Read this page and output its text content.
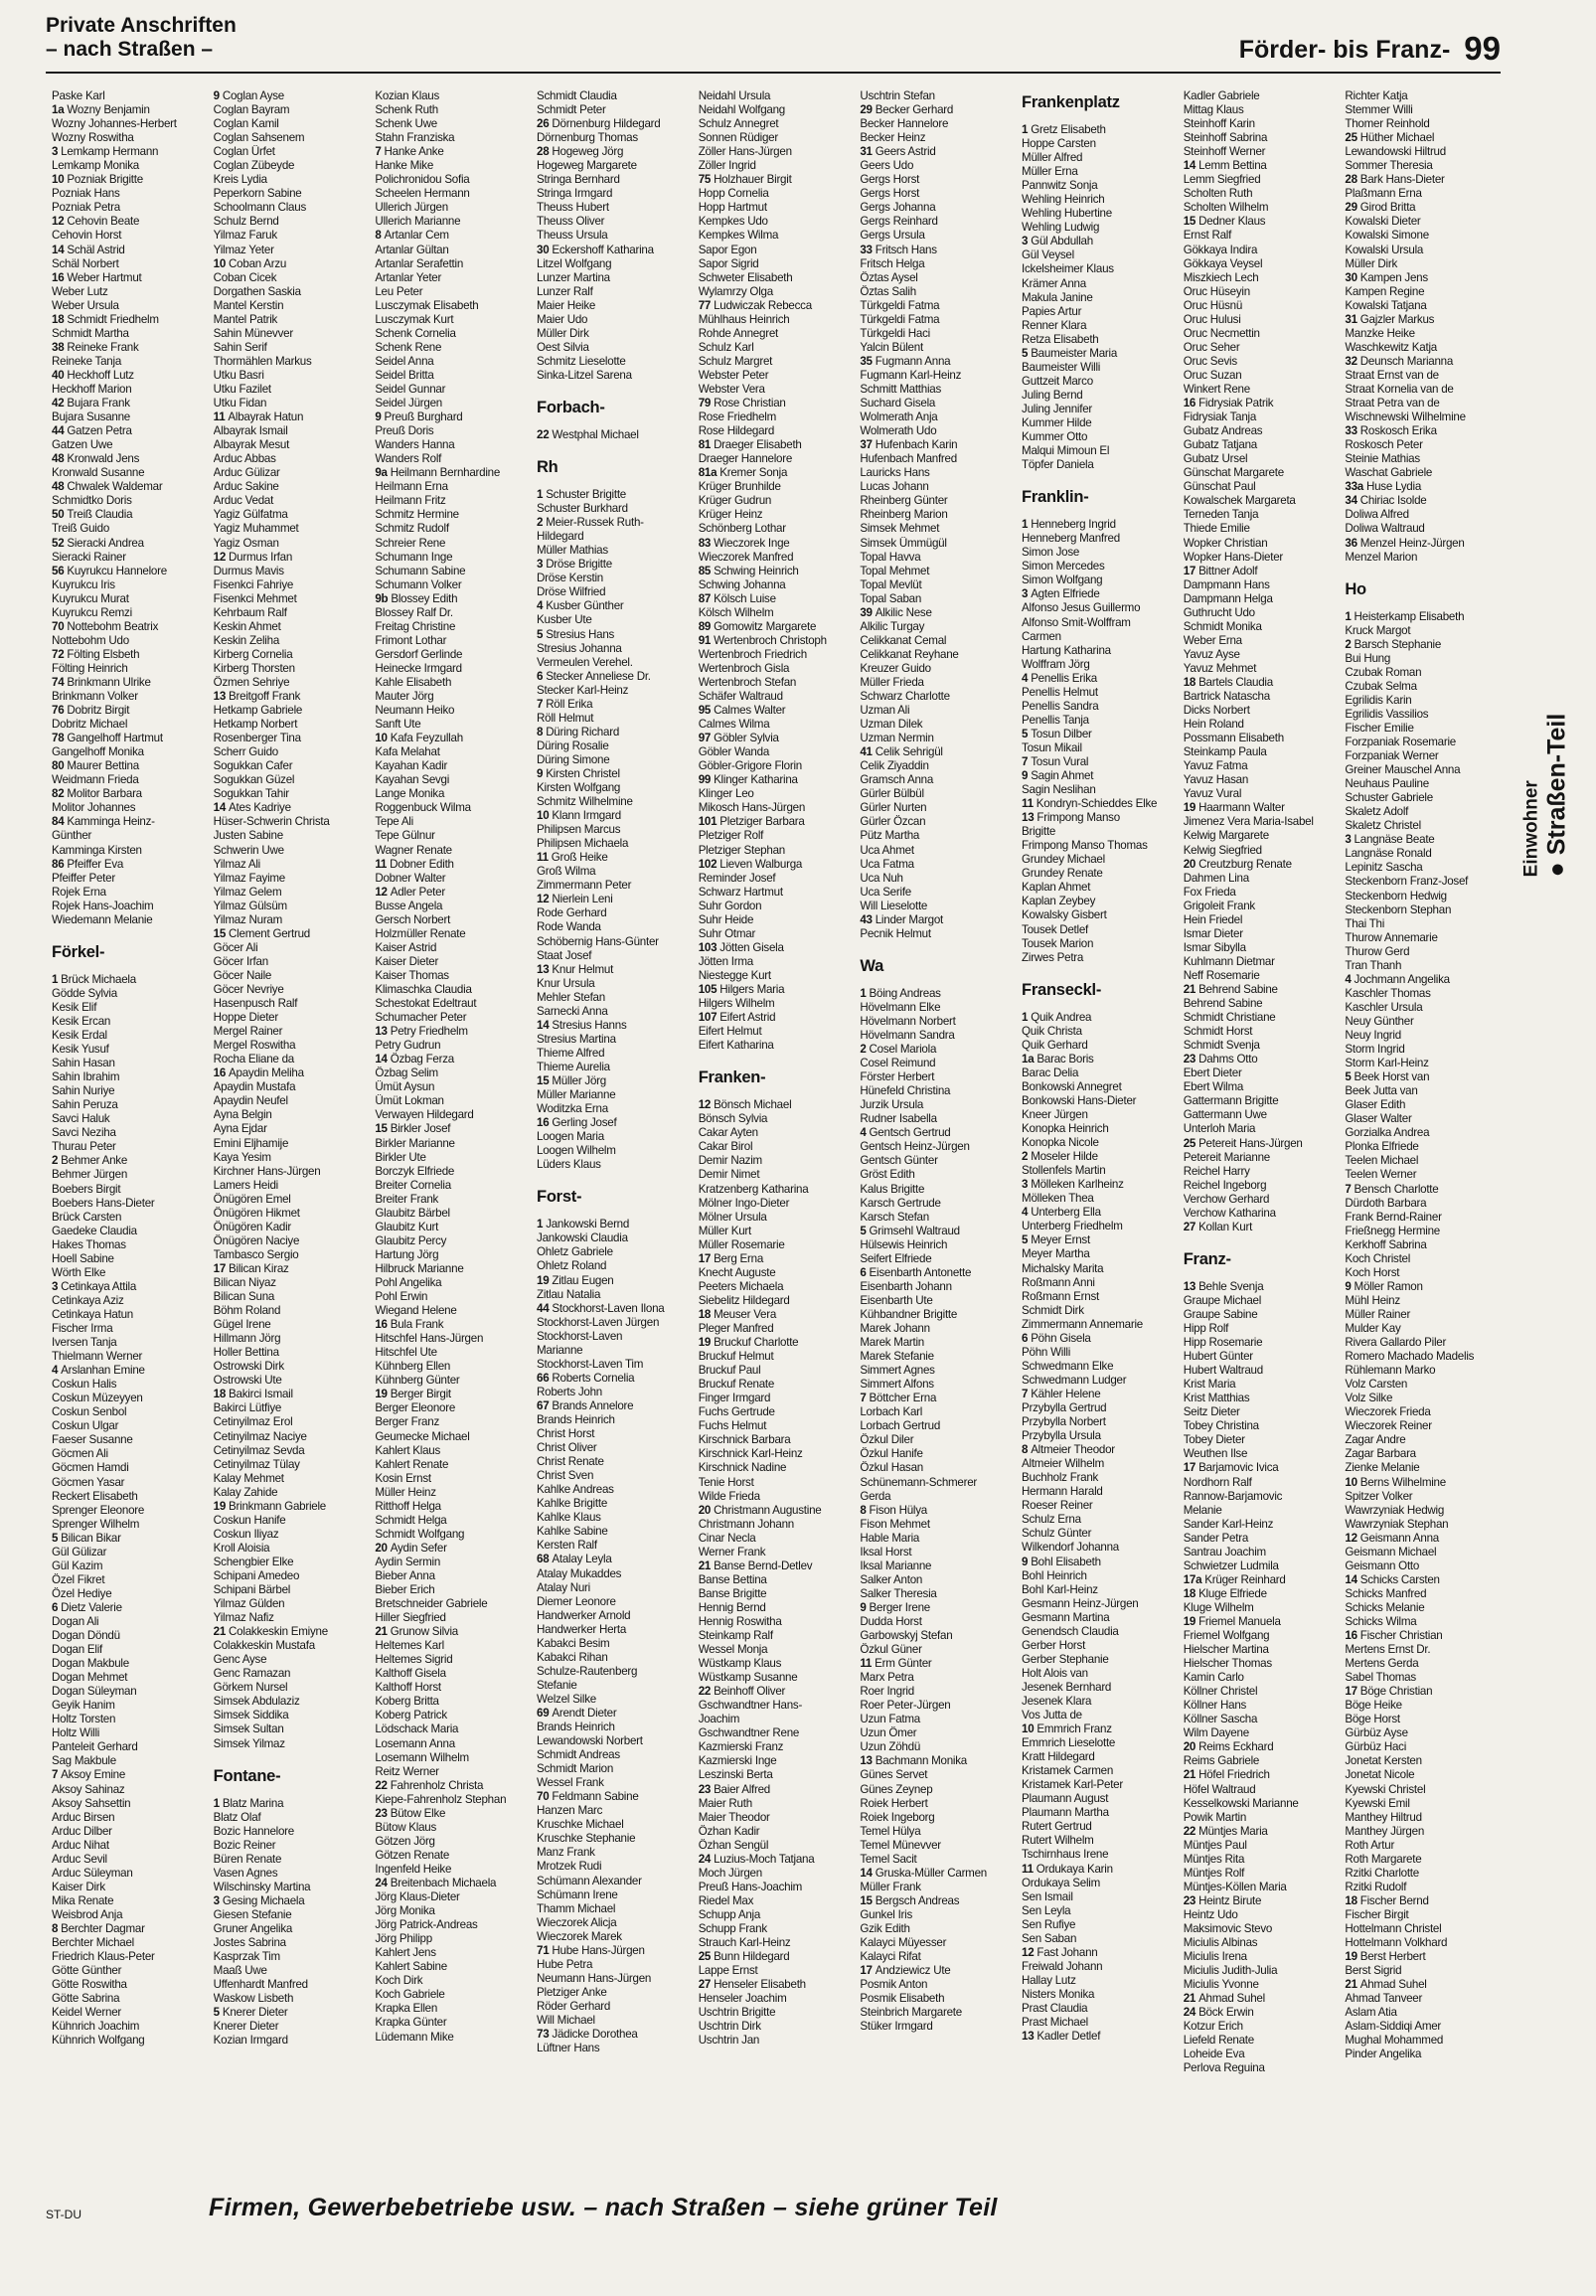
Private Anschriften
– nach Straßen –	Förder- bis Franz- 99
Paske Karl
1a Wozny Benjamin
Wozny Johannes-Herbert
Wozny Roswitha
3 Lemkamp Hermann
Lemkamp Monika
10 Pozniak Brigitte
Pozniak Hans
Pozniak Petra
12 Cehovin Beate
Cehovin Horst
14 Schäl Astrid
Schäl Norbert
16 Weber Hartmut
Weber Lutz
Weber Ursula
18 Schmidt Friedhelm
Schmidt Martha
38 Reineke Frank
Reineke Tanja
40 Heckhoff Lutz
Heckhoff Marion
42 Bujara Frank
Bujara Susanne
44 Gatzen Petra
Gatzen Uwe
48 Kronwald Jens
Kronwald Susanne
48 Chwalek Waldemar
Schmidtko Doris
50 Treiß Claudia
Treiß Guido
52 Sieracki Andrea
Sieracki Rainer
56 Kuyrukcu Hannelore
Kuyrukcu Iris
Kuyrukcu Murat
Kuyrukcu Remzi
70 Nottebohm Beatrix
Nottebohm Udo
72 Fölting Elsbeth
Fölting Heinrich
74 Brinkmann Ulrike
Brinkmann Volker
76 Dobritz Birgit
Dobritz Michael
78 Gangelhoff Hartmut
Gangelhoff Monika
80 Maurer Bettina
Weidmann Frieda
82 Molitor Barbara
Molitor Johannes
84 Kamminga Heinz-
Günther
Kamminga Kirsten
86 Pfeiffer Eva
Pfeiffer Peter
Rojek Erna
Rojek Hans-Joachim
Wiedemann Melanie
Förkel-
1 Brück Michaela
Gödde Sylvia
Kesik Elif
Kesik Ercan
Kesik Erdal
Kesik Yusuf
Sahin Hasan
Sahin Ibrahim
Sahin Nuriye
Sahin Peruza
Savci Haluk
Savci Neziha
Thurau Peter
2 Behmer Anke
Behmer Jürgen
Boebers Birgit
Boebers Hans-Dieter
Brück Carsten
Gaedeke Claudia
Hakes Thomas
Hoell Sabine
Wörth Elke
3 Cetinkaya Attila
Cetinkaya Aziz
Cetinkaya Hatun
Fischer Irma
Iversen Tanja
Thielmann Werner
4 Arslanhan Emine
Coskun Halis
Coskun Müzeyyen
Coskun Senbol
Coskun Ulgar
Faeser Susanne
Göcmen Ali
Göcmen Hamdi
Göcmen Yasar
Reckert Elisabeth
Sprenger Eleonore
Sprenger Wilhelm
5 Bilican Bikar
Gül Gülizar
Gül Kazim
Özel Fikret
Özel Hediye
6 Dietz Valerie
Dogan Ali
Dogan Döndü
Dogan Elif
Dogan Makbule
Dogan Mehmet
Dogan Süleyman
Geyik Hanim
Holtz Torsten
Holtz Willi
Panteleit Gerhard
Sag Makbule
7 Aksoy Emine
Aksoy Sahinaz
Aksoy Sahsettin
Arduc Birsen
Arduc Dilber
Arduc Nihat
Arduc Sevil
Arduc Süleyman
Kaiser Dirk
Mika Renate
Weisbrod Anja
8 Berchter Dagmar
Berchter Michael
Friedrich Klaus-Peter
Götte Günther
Götte Roswitha
Götte Sabrina
Keidel Werner
Kühnrich Joachim
Kühnrich Wolfgang
9 Coglan Ayse
Coglan Bayram
Coglan Kamil
Coglan Sahsenem
Coglan Ürfet
Coglan Zübeyde
Kreis Lydia
Peperkorn Sabine
Schoolmann Claus
Schulz Bernd
Yilmaz Faruk
Yilmaz Yeter
10 Coban Arzu
Coban Cicek
Dorgathen Saskia
Mantel Kerstin
Mantel Patrik
Sahin Münevver
Sahin Serif
Thormählen Markus
Utku Basri
Utku Fazilet
Utku Fidan
11 Albayrak Hatun
Albayrak Ismail
Albayrak Mesut
Arduc Abbas
Arduc Gülizar
Arduc Sakine
Arduc Vedat
Yagiz Gülfatma
Yagiz Muhammet
Yagiz Osman
12 Durmus Irfan
Durmus Mavis
Fisenkci Fahriye
Fisenkci Mehmet
Kehrbaum Ralf
Keskin Ahmet
Keskin Zeliha
Kirberg Cornelia
Kirberg Thorsten
Özmen Sehriye
13 Breitgoff Frank
Hetkamp Gabriele
Hetkamp Norbert
Rosenberger Tina
Scherr Guido
Sogukkan Cafer
Sogukkan Güzel
Sogukkan Tahir
14 Ates Kadriye
Hüser-Schwerin Christa
Justen Sabine
Schwerin Uwe
Yilmaz Ali
Yilmaz Fayime
Yilmaz Gelem
Yilmaz Gülsüm
Yilmaz Nuram
15 Clement Gertrud
Göcer Ali
Göcer Irfan
Göcer Naile
Göcer Nevriye
Hasenpusch Ralf
Hoppe Dieter
Mergel Rainer
Mergel Roswitha
Rocha Eliane da
16 Apaydin Meliha
Apaydin Mustafa
Apaydin Neufel
Ayna Belgin
Ayna Ejdar
Emini Eljhamije
Kaya Yesim
Kirchner Hans-Jürgen
Lamers Heidi
Önügören Emel
Önügören Hikmet
Önügören Kadir
Önügören Naciye
Tambasco Sergio
17 Bilican Kiraz
Bilican Niyaz
Bilican Suna
Böhm Roland
Gügel Irene
Hillmann Jörg
Holler Bettina
Ostrowski Dirk
Ostrowski Ute
18 Bakirci Ismail
Bakirci Lütfiye
Cetinyilmaz Erol
Cetinyilmaz Naciye
Cetinyilmaz Sevda
Cetinyilmaz Tülay
Kalay Mehmet
Kalay Zahide
19 Brinkmann Gabriele
Coskun Hanife
Coskun Iliyaz
Kroll Aloisia
Schengbier Elke
Schipani Amedeo
Schipani Bärbel
Yilmaz Gülden
Yilmaz Nafiz
21 Colakkeskin Emiyne
Colakkeskin Mustafa
Genc Ayse
Genc Ramazan
Görkem Nursel
Simsek Abdulaziz
Simsek Siddika
Simsek Sultan
Simsek Yilmaz
Fontane-
1 Blatz Marina
Blatz Olaf
Bozic Hannelore
Bozic Reiner
Büren Renate
Vasen Agnes
Wilschinsky Martina
3 Gesing Michaela
Giesen Stefanie
Gruner Angelika
Jostes Sabrina
Kasprzak Tim
Maaß Uwe
Uffenhardt Manfred
Waskow Lisbeth
5 Knerer Dieter
Knerer Dieter
Kozian Irmgard
Kozian Klaus
Schenk Ruth
Schenk Uwe
Stahn Franziska
7 Hanke Anke
Hanke Mike
Polichronidou Sofia
Scheelen Hermann
Ullerich Jürgen
Ullerich Marianne
8 Artanlar Cem
Artanlar Gültan
Artanlar Serafettin
Artanlar Yeter
Leu Peter
Lusczymak Elisabeth
Lusczymak Kurt
Schenk Cornelia
Schenk Rene
Seidel Anna
Seidel Britta
Seidel Gunnar
Seidel Jürgen
9 Preuß Burghard
Preuß Doris
Wanders Hanna
Wanders Rolf
9a Heilmann Bernhardine
Heilmann Erna
Heilmann Fritz
Schmitz Hermine
Schmitz Rudolf
Schreier Rene
Schumann Inge
Schumann Sabine
Schumann Volker
9b Blossey Edith
Blossey Ralf Dr.
Freitag Christine
Frimont Lothar
Gersdorf Gerlinde
Heinecke Irmgard
Kahle Elisabeth
Mauter Jörg
Neumann Heiko
Sanft Ute
10 Kafa Feyzullah
Kafa Melahat
Kayahan Kadir
Kayahan Sevgi
Lange Monika
Roggenbuck Wilma
Tepe Ali
Tepe Gülnur
Wagner Renate
11 Dobner Edith
Dobner Walter
12 Adler Peter
Busse Angela
Gersch Norbert
Holzmüller Renate
Kaiser Astrid
Kaiser Dieter
Kaiser Thomas
Klimaschka Claudia
Schestokat Edeltraut
Schumacher Peter
13 Petry Friedhelm
Petry Gudrun
14 Özbag Ferza
Özbag Selim
Ümüt Aysun
Ümüt Lokman
Verwayen Hildegard
15 Birkler Josef
Birkler Marianne
Birkler Ute
Borczyk Elfriede
Breiter Cornelia
Breiter Frank
Glaubitz Bärbel
Glaubitz Kurt
Glaubitz Percy
Hartung Jörg
Hilbruck Marianne
Pohl Angelika
Pohl Erwin
Wiegand Helene
16 Bula Frank
Hitschfel Hans-Jürgen
Hitschfel Ute
Kühnberg Ellen
Kühnberg Günter
19 Berger Birgit
Berger Eleonore
Berger Franz
Geumecke Michael
Kahlert Klaus
Kahlert Renate
Kosin Ernst
Müller Heinz
Ritthoff Helga
Schmidt Helga
Schmidt Wolfgang
20 Aydin Sefer
Aydin Sermin
Bieber Anna
Bieber Erich
Bretschneider Gabriele
Hiller Siegfried
21 Grunow Silvia
Heltemes Karl
Heltemes Sigrid
Kalthoff Gisela
Kalthoff Horst
Koberg Britta
Koberg Patrick
Lödschack Maria
Losemann Anna
Losemann Wilhelm
Reitz Werner
22 Fahrenholz Christa
Kiepe-Fahrenholz Stephan
23 Bütow Elke
Bütow Klaus
Götzen Jörg
Götzen Renate
Ingenfeld Heike
24 Breitenbach Michaela
Jörg Klaus-Dieter
Jörg Monika
Jörg Patrick-Andreas
Jörg Philipp
Kahlert Jens
Kahlert Sabine
Koch Dirk
Koch Gabriele
Krapka Ellen
Krapka Günter
Lüdemann Mike
Schmidt Claudia
Schmidt Peter
26 Dörnenburg Hildegard
Dörnenburg Thomas
28 Hogeweg Jörg
Hogeweg Margarete
Stringa Bernhard
Stringa Irmgard
Theuss Hubert
Theuss Oliver
Theuss Ursula
30 Eckershoff Katharina
Litzel Wolfgang
Lunzer Martina
Lunzer Ralf
Maier Heike
Maier Udo
Müller Dirk
Oest Silvia
Schmitz Lieselotte
Sinka-Litzel Sarena
Forbach-
22 Westphal Michael
Rh
1 Schuster Brigitte
Schuster Burkhard
2 Meier-Russek Ruth-
Hildegard
Müller Mathias
3 Dröse Brigitte
Dröse Kerstin
Dröse Wilfried
4 Kusber Günther
Kusber Ute
5 Stresius Hans
Stresius Johanna
Vermeulen Verehel.
6 Stecker Anneliese Dr.
Stecker Karl-Heinz
7 Röll Erika
Röll Helmut
8 Düring Richard
Düring Rosalie
Düring Simone
9 Kirsten Christel
Kirsten Wolfgang
Schmitz Wilhelmine
10 Klann Irmgard
Philipsen Marcus
Philipsen Michaela
11 Groß Heike
Groß Wilma
Zimmermann Peter
12 Nierlein Leni
Rode Gerhard
Rode Wanda
Schöbernig Hans-Günter
Staat Josef
13 Knur Helmut
Knur Ursula
Mehler Stefan
Sarnecki Anna
14 Stresius Hanns
Stresius Martina
Thieme Alfred
Thieme Aurelia
15 Müller Jörg
Müller Marianne
Woditzka Erna
16 Gerling Josef
Loogen Maria
Loogen Wilhelm
Lüders Klaus
Forst-
1 Jankowski Bernd
Jankowski Claudia
Ohletz Gabriele
Ohletz Roland
19 Zitlau Eugen
Zitlau Natalia
44 Stockhorst-Laven Ilona
Stockhorst-Laven Jürgen
Stockhorst-Laven
Marianne
Stockhorst-Laven Tim
66 Roberts Cornelia
Roberts John
67 Brands Annelore
Brands Heinrich
Christ Horst
Christ Oliver
Christ Renate
Christ Sven
Kahlke Andreas
Kahlke Brigitte
Kahlke Klaus
Kahlke Sabine
Kersten Ralf
68 Atalay Leyla
Atalay Mukaddes
Atalay Nuri
Diemer Leonore
Handwerker Arnold
Handwerker Herta
Kabakci Besim
Kabakci Rihan
Schulze-Rautenberg
Stefanie
Welzel Silke
69 Arendt Dieter
Brands Heinrich
Lewandowski Norbert
Schmidt Andreas
Schmidt Marion
Wessel Frank
70 Feldmann Sabine
Hanzen Marc
Kruschke Michael
Kruschke Stephanie
Manz Frank
Mrotzek Rudi
Schümann Alexander
Schümann Irene
Thamm Michael
Wieczorek Alicja
Wieczorek Marek
71 Hube Hans-Jürgen
Hube Petra
Neumann Hans-Jürgen
Pletziger Anke
Röder Gerhard
Will Michael
73 Jädicke Dorothea
Lüftner Hans
Neidahl Ursula
Neidahl Wolfgang
Schulz Annegret
Sonnen Rüdiger
Zöller Hans-Jürgen
Zöller Ingrid
75 Holzhauer Birgit
Hopp Cornelia
Hopp Hartmut
Kempkes Udo
Kempkes Wilma
Sapor Egon
Sapor Sigrid
Schweter Elisabeth
Wylamrzy Olga
77 Ludwiczak Rebecca
Mühlhaus Heinrich
Rohde Annegret
Schulz Karl
Schulz Margret
Webster Peter
Webster Vera
79 Rose Christian
Rose Friedhelm
Rose Hildegard
81 Draeger Elisabeth
Draeger Hannelore
81a Kremer Sonja
Krüger Brunhilde
Krüger Gudrun
Krüger Heinz
Schönberg Lothar
83 Wieczorek Inge
Wieczorek Manfred
85 Schwing Heinrich
Schwing Johanna
87 Kölsch Luise
Kölsch Wilhelm
89 Gomowitz Margarete
91 Wertenbroch Christoph
Wertenbroch Friedrich
Wertenbroch Gisla
Wertenbroch Stefan
Schäfer Waltraud
95 Calmes Walter
Calmes Wilma
97 Göbler Sylvia
Göbler Wanda
Göbler-Grigore Florin
99 Klinger Katharina
Klinger Leo
Mikosch Hans-Jürgen
101 Pletziger Barbara
Pletziger Rolf
Pletziger Stephan
102 Lieven Walburga
Reminder Josef
Schwarz Hartmut
Suhr Gordon
Suhr Heide
Suhr Otmar
103 Jötten Gisela
Jötten Irma
Niestegge Kurt
105 Hilgers Maria
Hilgers Wilhelm
107 Eifert Astrid
Eifert Helmut
Eifert Katharina
Franken-
12 Bönsch Michael
Bönsch Sylvia
Cakar Ayten
Cakar Birol
Demir Nazim
Demir Nimet
Kratzenberg Katharina
Mölner Ingo-Dieter
Mölner Ursula
Müller Kurt
Müller Rosemarie
17 Berg Erna
Knecht Auguste
Peeters Michaela
Siebelitz Hildegard
18 Meuser Vera
Pleger Manfred
19 Bruckuf Charlotte
Bruckuf Helmut
Bruckuf Paul
Bruckuf Renate
Finger Irmgard
Fuchs Gertrude
Fuchs Helmut
Kirschnick Barbara
Kirschnick Karl-Heinz
Kirschnick Nadine
Tenie Horst
Wilde Frieda
20 Christmann Augustine
Christmann Johann
Cinar Necla
Werner Frank
21 Banse Bernd-Detlev
Banse Bettina
Banse Brigitte
Hennig Bernd
Hennig Roswitha
Steinkamp Ralf
Wessel Monja
Wüstkamp Klaus
Wüstkamp Susanne
22 Beinhoff Oliver
Gschwandtner Hans-
Joachim
Gschwandtner Rene
Kazmierski Franz
Kazmierski Inge
Leszinski Berta
23 Baier Alfred
Maier Ruth
Maier Theodor
Özhan Kadir
Özhan Sengül
24 Luzius-Moch Tatjana
Moch Jürgen
Preuß Hans-Joachim
Riedel Max
Schupp Anja
Schupp Frank
Strauch Karl-Heinz
25 Bunn Hildegard
Lappe Ernst
27 Henseler Elisabeth
Henseler Joachim
Uschtrin Brigitte
Uschtrin Dirk
Uschtrin Jan
Uschtrin Stefan
29 Becker Gerhard
Becker Hannelore
Becker Heinz
31 Geers Astrid
Geers Udo
Gergs Horst
Gergs Horst
Gergs Johanna
Gergs Reinhard
Gergs Ursula
33 Fritsch Hans
Fritsch Helga
Öztas Aysel
Öztas Salih
Türkgeldi Fatma
Türkgeldi Fatma
Türkgeldi Haci
Yalcin Bülent
35 Fugmann Anna
Fugmann Karl-Heinz
Schmitt Matthias
Suchard Gisela
Wolmerath Anja
Wolmerath Udo
37 Hufenbach Karin
Hufenbach Manfred
Lauricks Hans
Lucas Johann
Rheinberg Günter
Rheinberg Marion
Simsek Mehmet
Simsek Ümmügül
Topal Havva
Topal Mehmet
Topal Mevlüt
Topal Saban
39 Alkilic Nese
Alkilic Turgay
Celikkanat Cemal
Celikkanat Reyhane
Kreuzer Guido
Müller Frieda
Schwarz Charlotte
Uzman Ali
Uzman Dilek
Uzman Nermin
41 Celik Sehrigül
Celik Ziyaddin
Gramsch Anna
Gürler Bülbül
Gürler Nurten
Gürler Özcan
Pütz Martha
Uca Ahmet
Uca Fatma
Uca Nuh
Uca Serife
Will Lieselotte
43 Linder Margot
Pecnik Helmut
Wa
1 Böing Andreas
Hövelmann Elke
Hövelmann Norbert
Hövelmann Sandra
2 Cosel Mariola
Cosel Reimund
Förster Herbert
Hünefeld Christina
Jurzik Ursula
Rudner Isabella
4 Gentsch Gertrud
Gentsch Heinz-Jürgen
Gentsch Günter
Gröst Edith
Kalus Brigitte
Karsch Gertrude
Karsch Stefan
5 Grimsehl Waltraud
Hülsewis Heinrich
Seifert Elfriede
6 Eisenbarth Antonette
Eisenbarth Johann
Eisenbarth Ute
Kühbandner Brigitte
Marek Johann
Marek Martin
Marek Stefanie
Simmert Agnes
Simmert Alfons
7 Böttcher Erna
Lorbach Karl
Lorbach Gertrud
Özkul Diler
Özkul Hanife
Özkul Hasan
Schünemann-Schmerer
Gerda
8 Fison Hülya
Fison Mehmet
Hable Maria
Iksal Horst
Iksal Marianne
Salker Anton
Salker Theresia
9 Berger Irene
Dudda Horst
Garbowskyj Stefan
Özkul Güner
11 Erm Günter
Marx Petra
Roer Ingrid
Roer Peter-Jürgen
Uzun Fatma
Uzun Ömer
Uzun Zöhdü
13 Bachmann Monika
Günes Servet
Günes Zeynep
Roiek Herbert
Roiek Ingeborg
Temel Hülya
Temel Münevver
Temel Sacit
14 Gruska-Müller Carmen
Müller Frank
15 Bergsch Andreas
Gunkel Iris
Gzik Edith
Kalayci Müyesser
Kalayci Rifat
17 Andziewicz Ute
Posmik Anton
Posmik Elisabeth
Steinbrich Margarete
Stüker Irmgard
Frankenplatz
1 Gretz Elisabeth
Hoppe Carsten
Müller Alfred
Müller Erna
Pannwitz Sonja
Wehling Heinrich
Wehling Hubertine
Wehling Ludwig
3 Gül Abdullah
Gül Veysel
Ickelsheimer Klaus
Krämer Anna
Makula Janine
Papies Artur
Renner Klara
Retza Elisabeth
5 Baumeister Maria
Baumeister Willi
Guttzeit Marco
Juling Bernd
Juling Jennifer
Kummer Hilde
Kummer Otto
Malqui Mimoun El
Töpfer Daniela
Franklin-
1 Henneberg Ingrid
Henneberg Manfred
Simon Jose
Simon Mercedes
Simon Wolfgang
3 Agten Elfriede
Alfonso Jesus Guillermo
Alfonso Smit-Wolffram
Carmen
Hartung Katharina
Wolffram Jörg
4 Penellis Erika
Penellis Helmut
Penellis Sandra
Penellis Tanja
5 Tosun Dilber
Tosun Mikail
7 Tosun Vural
9 Sagin Ahmet
Sagin Neslihan
11 Kondryn-Schieddes Elke
13 Frimpong Manso
Brigitte
Frimpong Manso Thomas
Grundey Michael
Grundey Renate
Kaplan Ahmet
Kaplan Zeybey
Kowalsky Gisbert
Tousek Detlef
Tousek Marion
Zirwes Petra
Franseckl-
1 Quik Andrea
Quik Christa
Quik Gerhard
1a Barac Boris
Barac Delia
Bonkowski Annegret
Bonkowski Hans-Dieter
Kneer Jürgen
Konopka Heinrich
Konopka Nicole
2 Moseler Hilde
Stollenfels Martin
3 Mölleken Karlheinz
Mölleken Thea
4 Unterberg Ella
Unterberg Friedhelm
5 Meyer Ernst
Meyer Martha
Michalsky Marita
Roßmann Anni
Roßmann Ernst
Schmidt Dirk
Zimmermann Annemarie
6 Pöhn Gisela
Pöhn Willi
Schwedmann Elke
Schwedmann Ludger
7 Kähler Helene
Przybylla Gertrud
Przybylla Norbert
Przybylla Ursula
8 Altmeier Theodor
Altmeier Wilhelm
Buchholz Frank
Hermann Harald
Roeser Reiner
Schulz Erna
Schulz Günter
Wilkendorf Johanna
9 Bohl Elisabeth
Bohl Heinrich
Bohl Karl-Heinz
Gesmann Heinz-Jürgen
Gesmann Martina
Genendsch Claudia
Gerber Horst
Gerber Stephanie
Holt Alois van
Jesenek Bernhard
Jesenek Klara
Vos Jutta de
10 Emmrich Franz
Emmrich Lieselotte
Kratt Hildegard
Kristamek Carmen
Kristamek Karl-Peter
Plaumann August
Plaumann Martha
Rutert Gertrud
Rutert Wilhelm
Tschirnhaus Irene
11 Ordukaya Karin
Ordukaya Selim
Sen Ismail
Sen Leyla
Sen Rufiye
Sen Saban
12 Fast Johann
Freiwald Johann
Hallay Lutz
Nisters Monika
Prast Claudia
Prast Michael
13 Kadler Detlef
Kadler Gabriele
Mittag Klaus
Steinhoff Karin
Steinhoff Sabrina
Steinhoff Werner
14 Lemm Bettina
Lemm Siegfried
Scholten Ruth
Scholten Wilhelm
15 Dedner Klaus
Ernst Ralf
Gökkaya Indira
Gökkaya Veysel
Miszkiech Lech
Oruc Hüseyin
Oruc Hüsnü
Oruc Hulusi
Oruc Necmettin
Oruc Seher
Oruc Sevis
Oruc Suzan
Winkert Rene
16 Fidrysiak Patrik
Fidrysiak Tanja
Gubatz Andreas
Gubatz Tatjana
Gubatz Ursel
Günschat Margarete
Günschat Paul
Kowalschek Margareta
Terneden Tanja
Thiede Emilie
Wopker Christian
Wopker Hans-Dieter
17 Bittner Adolf
Dampmann Hans
Dampmann Helga
Guthrucht Udo
Schmidt Monika
Weber Erna
Yavuz Ayse
Yavuz Mehmet
18 Bartels Claudia
Bartrick Natascha
Dicks Norbert
Hein Roland
Possmann Elisabeth
Steinkamp Paula
Yavuz Fatma
Yavuz Hasan
Yavuz Vural
19 Haarmann Walter
Jimenez Vera Maria-Isabel
Kelwig Margarete
Kelwig Siegfried
20 Creutzburg Renate
Dahmen Lina
Fox Frieda
Grigoleit Frank
Hein Friedel
Ismar Dieter
Ismar Sibylla
Kuhlmann Dietmar
Neff Rosemarie
21 Behrend Sabine
Behrend Sabine
Schmidt Christiane
Schmidt Horst
Schmidt Svenja
23 Dahms Otto
Ebert Dieter
Ebert Wilma
Gattermann Brigitte
Gattermann Uwe
Unterloh Maria
25 Petereit Hans-Jürgen
Petereit Marianne
Reichel Harry
Reichel Ingeborg
Verchow Gerhard
Verchow Katharina
27 Kollan Kurt
Franz-
13 Behle Svenja
Graupe Michael
Graupe Sabine
Hipp Rolf
Hipp Rosemarie
Hubert Günter
Hubert Waltraud
Krist Maria
Krist Matthias
Seitz Dieter
Tobey Christina
Tobey Dieter
Weuthen Ilse
17 Barjamovic Ivica
Nordhorn Ralf
Rannow-Barjamovic
Melanie
Sander Karl-Heinz
Sander Petra
Santrau Joachim
Schwietzer Ludmila
17a Krüger Reinhard
18 Kluge Elfriede
Kluge Wilhelm
19 Friemel Manuela
Friemel Wolfgang
Hielscher Martina
Hielscher Thomas
Kamin Carlo
Köllner Christel
Köllner Hans
Köllner Sascha
Wilm Dayene
20 Reims Eckhard
Reims Gabriele
21 Höfel Friedrich
Höfel Waltraud
Kesselkowski Marianne
Powik Martin
22 Müntjes Maria
Müntjes Paul
Müntjes Rita
Müntjes Rolf
Müntjes-Köllen Maria
23 Heintz Birute
Heintz Udo
Maksimovic Stevo
Miciulis Albinas
Miciulis Irena
Miciulis Judith-Julia
Miciulis Yvonne
21 Ahmad Suhel
24 Böck Erwin
Kotzur Erich
Liefeld Renate
Loheide Eva
Perlova Reguina
Richter Katja
Stemmer Willi
Thomer Reinhold
25 Hüther Michael
Lewandowski Hiltrud
Sommer Theresia
28 Bark Hans-Dieter
Plaßmann Erna
29 Girod Britta
Kowalski Dieter
Kowalski Simone
Kowalski Ursula
Müller Dirk
30 Kampen Jens
Kampen Regine
Kowalski Tatjana
31 Gajzler Markus
Manzke Heike
Waschkewitz Katja
32 Deunsch Marianna
Straat Ernst van de
Straat Kornelia van de
Straat Petra van de
Wischnewski Wilhelmine
33 Roskosch Erika
Roskosch Peter
Steinie Mathias
Waschat Gabriele
33a Huse Lydia
34 Chiriac Isolde
Doliwa Alfred
Doliwa Waltraud
36 Menzel Heinz-Jürgen
Menzel Marion
Ho
1 Heisterkamp Elisabeth
Kruck Margot
2 Barsch Stephanie
Bui Hung
Czubak Roman
Czubak Selma
Egrilidis Karin
Egrilidis Vassilios
Fischer Emilie
Forzpaniak Rosemarie
Forzpaniak Werner
Greiner Mauschel Anna
Neuhaus Pauline
Schuster Gabriele
Skaletz Adolf
Skaletz Christel
3 Langnäse Beate
Langnäse Ronald
Lepinitz Sascha
Steckenborn Franz-Josef
Steckenborn Hedwig
Steckenborn Stephan
Thai Thi
Thurow Annemarie
Thurow Gerd
Tran Thanh
4 Jochmann Angelika
Kaschler Thomas
Kaschler Ursula
Neuy Günther
Neuy Ingrid
Storm Ingrid
Storm Karl-Heinz
5 Beek Horst van
Beek Jutta van
Glaser Edith
Glaser Walter
Gorzialka Andrea
Plonka Elfriede
Teelen Michael
Teelen Werner
7 Bensch Charlotte
Dürdoth Barbara
Frank Bernd-Rainer
Frießnegg Hermine
Kerkhoff Sabrina
Koch Christel
Koch Horst
9 Möller Ramon
Mühl Heinz
Müller Rainer
Mulder Kay
Rivera Gallardo Piler
Romero Machado Madelis
Rühlemann Marko
Volz Carsten
Volz Silke
Wieczorek Frieda
Wieczorek Reiner
Zagar Andre
Zagar Barbara
Zienke Melanie
10 Berns Wilhelmine
Spitzer Volker
Wawrzyniak Hedwig
Wawrzyniak Stephan
12 Geismann Anna
Geismann Michael
Geismann Otto
14 Schicks Carsten
Schicks Manfred
Schicks Melanie
Schicks Wilma
16 Fischer Christian
Mertens Ernst Dr.
Mertens Gerda
Sabel Thomas
17 Böge Christian
Böge Heike
Böge Horst
Gürbüz Ayse
Gürbüz Haci
Jonetat Kersten
Jonetat Nicole
Kyewski Christel
Kyewski Emil
Manthey Hiltrud
Manthey Jürgen
Roth Artur
Roth Margarete
Rzitki Charlotte
Rzitki Rudolf
18 Fischer Bernd
Fischer Birgit
Hottelmann Christel
Hottelmann Volkhard
19 Berst Herbert
Berst Sigrid
21 Ahmad Suhel
Ahmad Tanveer
Aslam Atia
Aslam-Siddiqi Amer
Mughal Mohammed
Pinder Angelika
Einwohner ● Straßen-Teil
ST-DU	Firmen, Gewerbebetriebe usw. – nach Straßen – siehe grüner Teil
